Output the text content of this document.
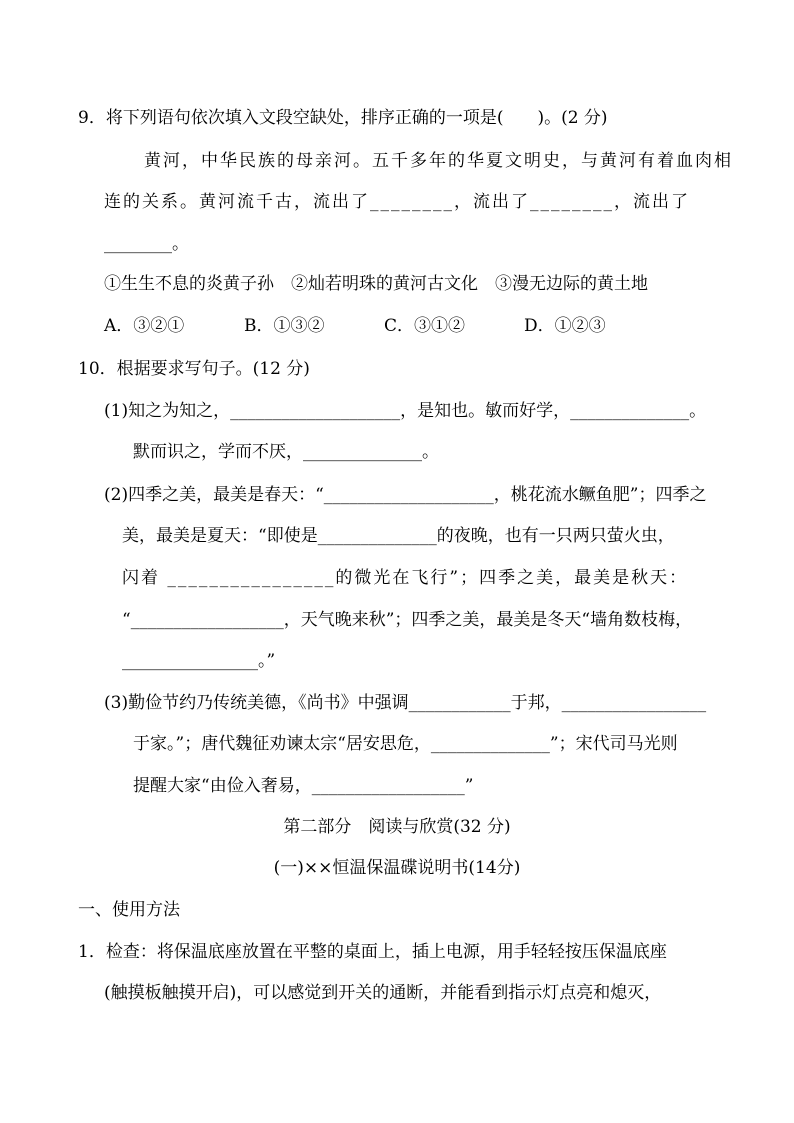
9．将下列语句依次填入文段空缺处，排序正确的一项是(　　)。(2 分)
黄河，中华民族的母亲河。五千多年的华夏文明史，与黄河有着血肉相
连的关系。黄河流千古，流出了________，流出了________，流出了
________。
①生生不息的炎黄子孙　②灿若明珠的黄河古文化　③漫无边际的黄土地
A．③②①	B．①③②	C．③①②	D．①②③
10．根据要求写句子。(12 分)
(1)知之为知之，____________________，是知也。敏而好学，______________。
默而识之，学而不厌，______________。
(2)四季之美，最美是春天：“____________________，桃花流水鳜鱼肥”；四季之
美，最美是夏天：“即使是______________的夜晚，也有一只两只萤火虫，
闪着 ________________的微光在飞行”；四季之美，最美是秋天：
“__________________，天气晚来秋”；四季之美，最美是冬天“墙角数枝梅，
________________。”
(3)勤俭节约乃传统美德，《尚书》中强调____________于邦，_________________
于家。”；唐代魏征劝谏太宗“居安思危，______________”；宋代司马光则
提醒大家“由俭入奢易，__________________”
第二部分　阅读与欣赏(32 分)
(一)××恒温保温碟说明书(14分)
一、使用方法
1．检查：将保温底座放置在平整的桌面上，插上电源，用手轻轻按压保温底座
(触摸板触摸开启)，可以感觉到开关的通断，并能看到指示灯点亮和熄灭，
